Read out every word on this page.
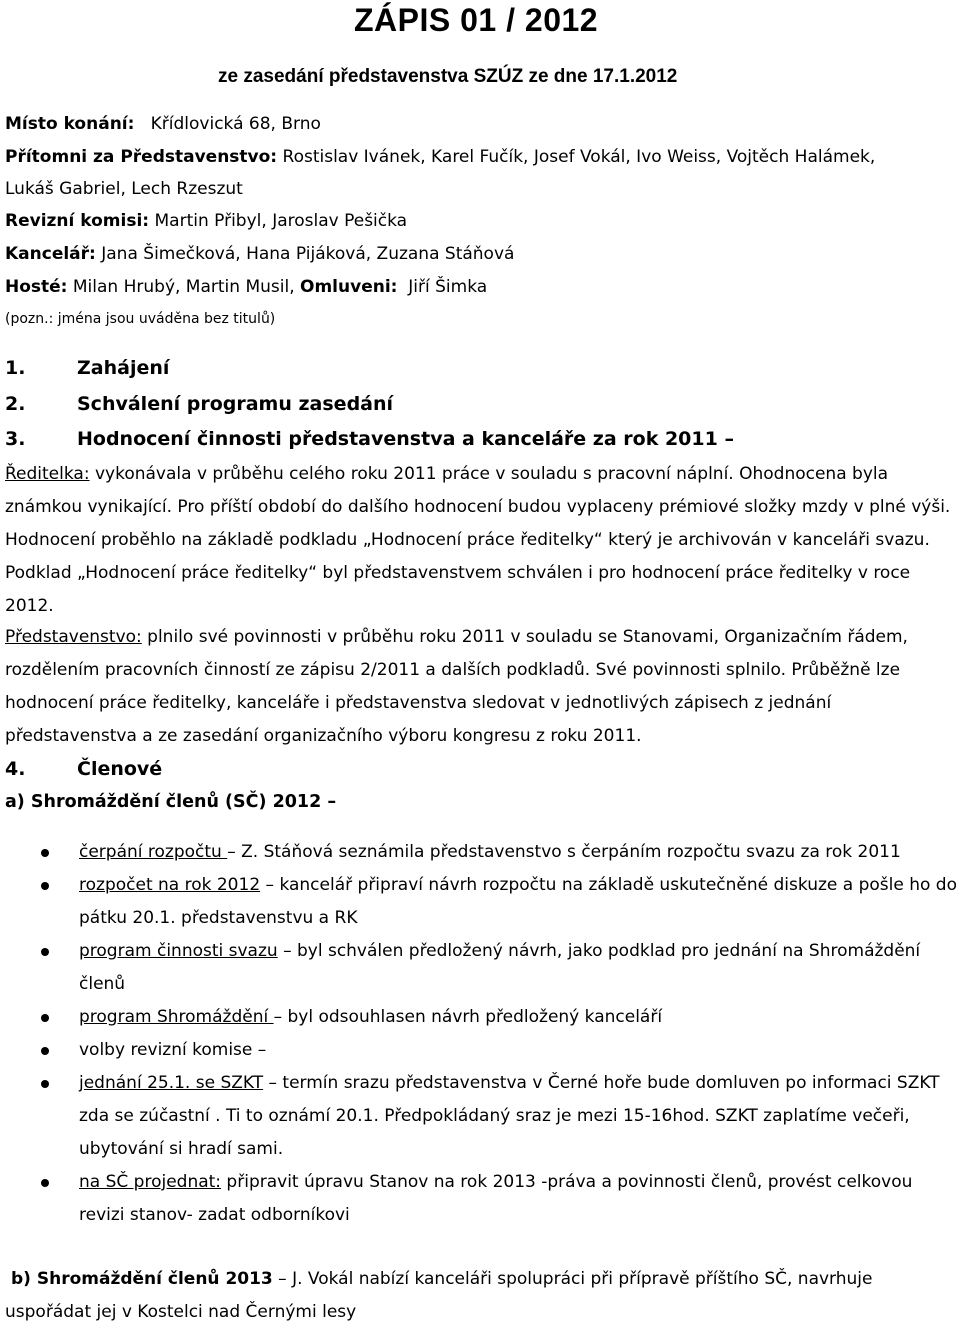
ZÁPIS 01 / 2012
ze zasedání představenstva SZÚZ ze dne 17.1.2012
Místo konání: Křídlovická 68, Brno
Přítomni za Představenstvo: Rostislav Ivánek, Karel Fučík, Josef Vokál, Ivo Weiss, Vojtěch Halámek,
Lukáš Gabriel, Lech Rzeszut
Revizní komisi: Martin Přibyl, Jaroslav Pešička
Kancelář: Jana Šimečková, Hana Pijáková, Zuzana Stáňová
Hosté: Milan Hrubý, Martin Musil, Omluveni: Jiří Šimka
(pozn.: jména jsou uváděna bez titulů)
1.	Zahájení
2.	Schválení programu zasedání
3.	Hodnocení činnosti představenstva a kanceláře za rok 2011 –
Ředitelka: vykonávala v průběhu celého roku 2011 práce v souladu s pracovní náplní. Ohodnocena byla známkou vynikající. Pro příští období do dalšího hodnocení budou vyplaceny prémiové složky mzdy v plné výši. Hodnocení proběhlo na základě podkladu „Hodnocení práce ředitelky“ který je archivován v kanceláři svazu. Podklad „Hodnocení práce ředitelky“ byl představenstvem schválen i pro hodnocení práce ředitelky v roce 2012.
Představenstvo: plnilo své povinnosti v průběhu roku 2011 v souladu se Stanovami, Organizačním řádem, rozdělením pracovních činností ze zápisu 2/2011 a dalších podkladů. Své povinnosti splnilo. Průběžně lze hodnocení práce ředitelky, kanceláře i představenstva sledovat v jednotlivých zápisech z jednání představenstva a ze zasedání organizačního výboru kongresu z roku 2011.
4.	Členové
a) Shromáždění členů (SČ) 2012 –
čerpání rozpočtu – Z. Stáňová seznámila představenstvo s čerpáním rozpočtu svazu za rok 2011
rozpočet na rok 2012 – kancelář připraví návrh rozpočtu na základě uskutečněné diskuze a pošle ho do pátku 20.1. představenstvu a RK
program činnosti svazu – byl schválen předložený návrh, jako podklad pro jednání na Shromáždění členů
program Shromáždění – byl odsouhlasen návrh předložený kanceláří
volby revizní komise –
jednání 25.1. se SZKT – termín srazu představenstva v Černé hoře bude domluven po informaci SZKT zda se zúčastní . Ti to oznámí 20.1. Předpokládaný sraz je mezi 15-16hod. SZKT zaplatíme večeři, ubytování si hradí sami.
na SČ projednat: připravit úpravu Stanov na rok 2013 -práva a povinnosti členů, provést celkovou revizi stanov- zadat odborníkovi
b) Shromáždění členů 2013 – J. Vokál nabízí kanceláři spolupráci při přípravě příštího SČ, navrhuje
uspořádat jej v Kostelci nad Černými lesy
